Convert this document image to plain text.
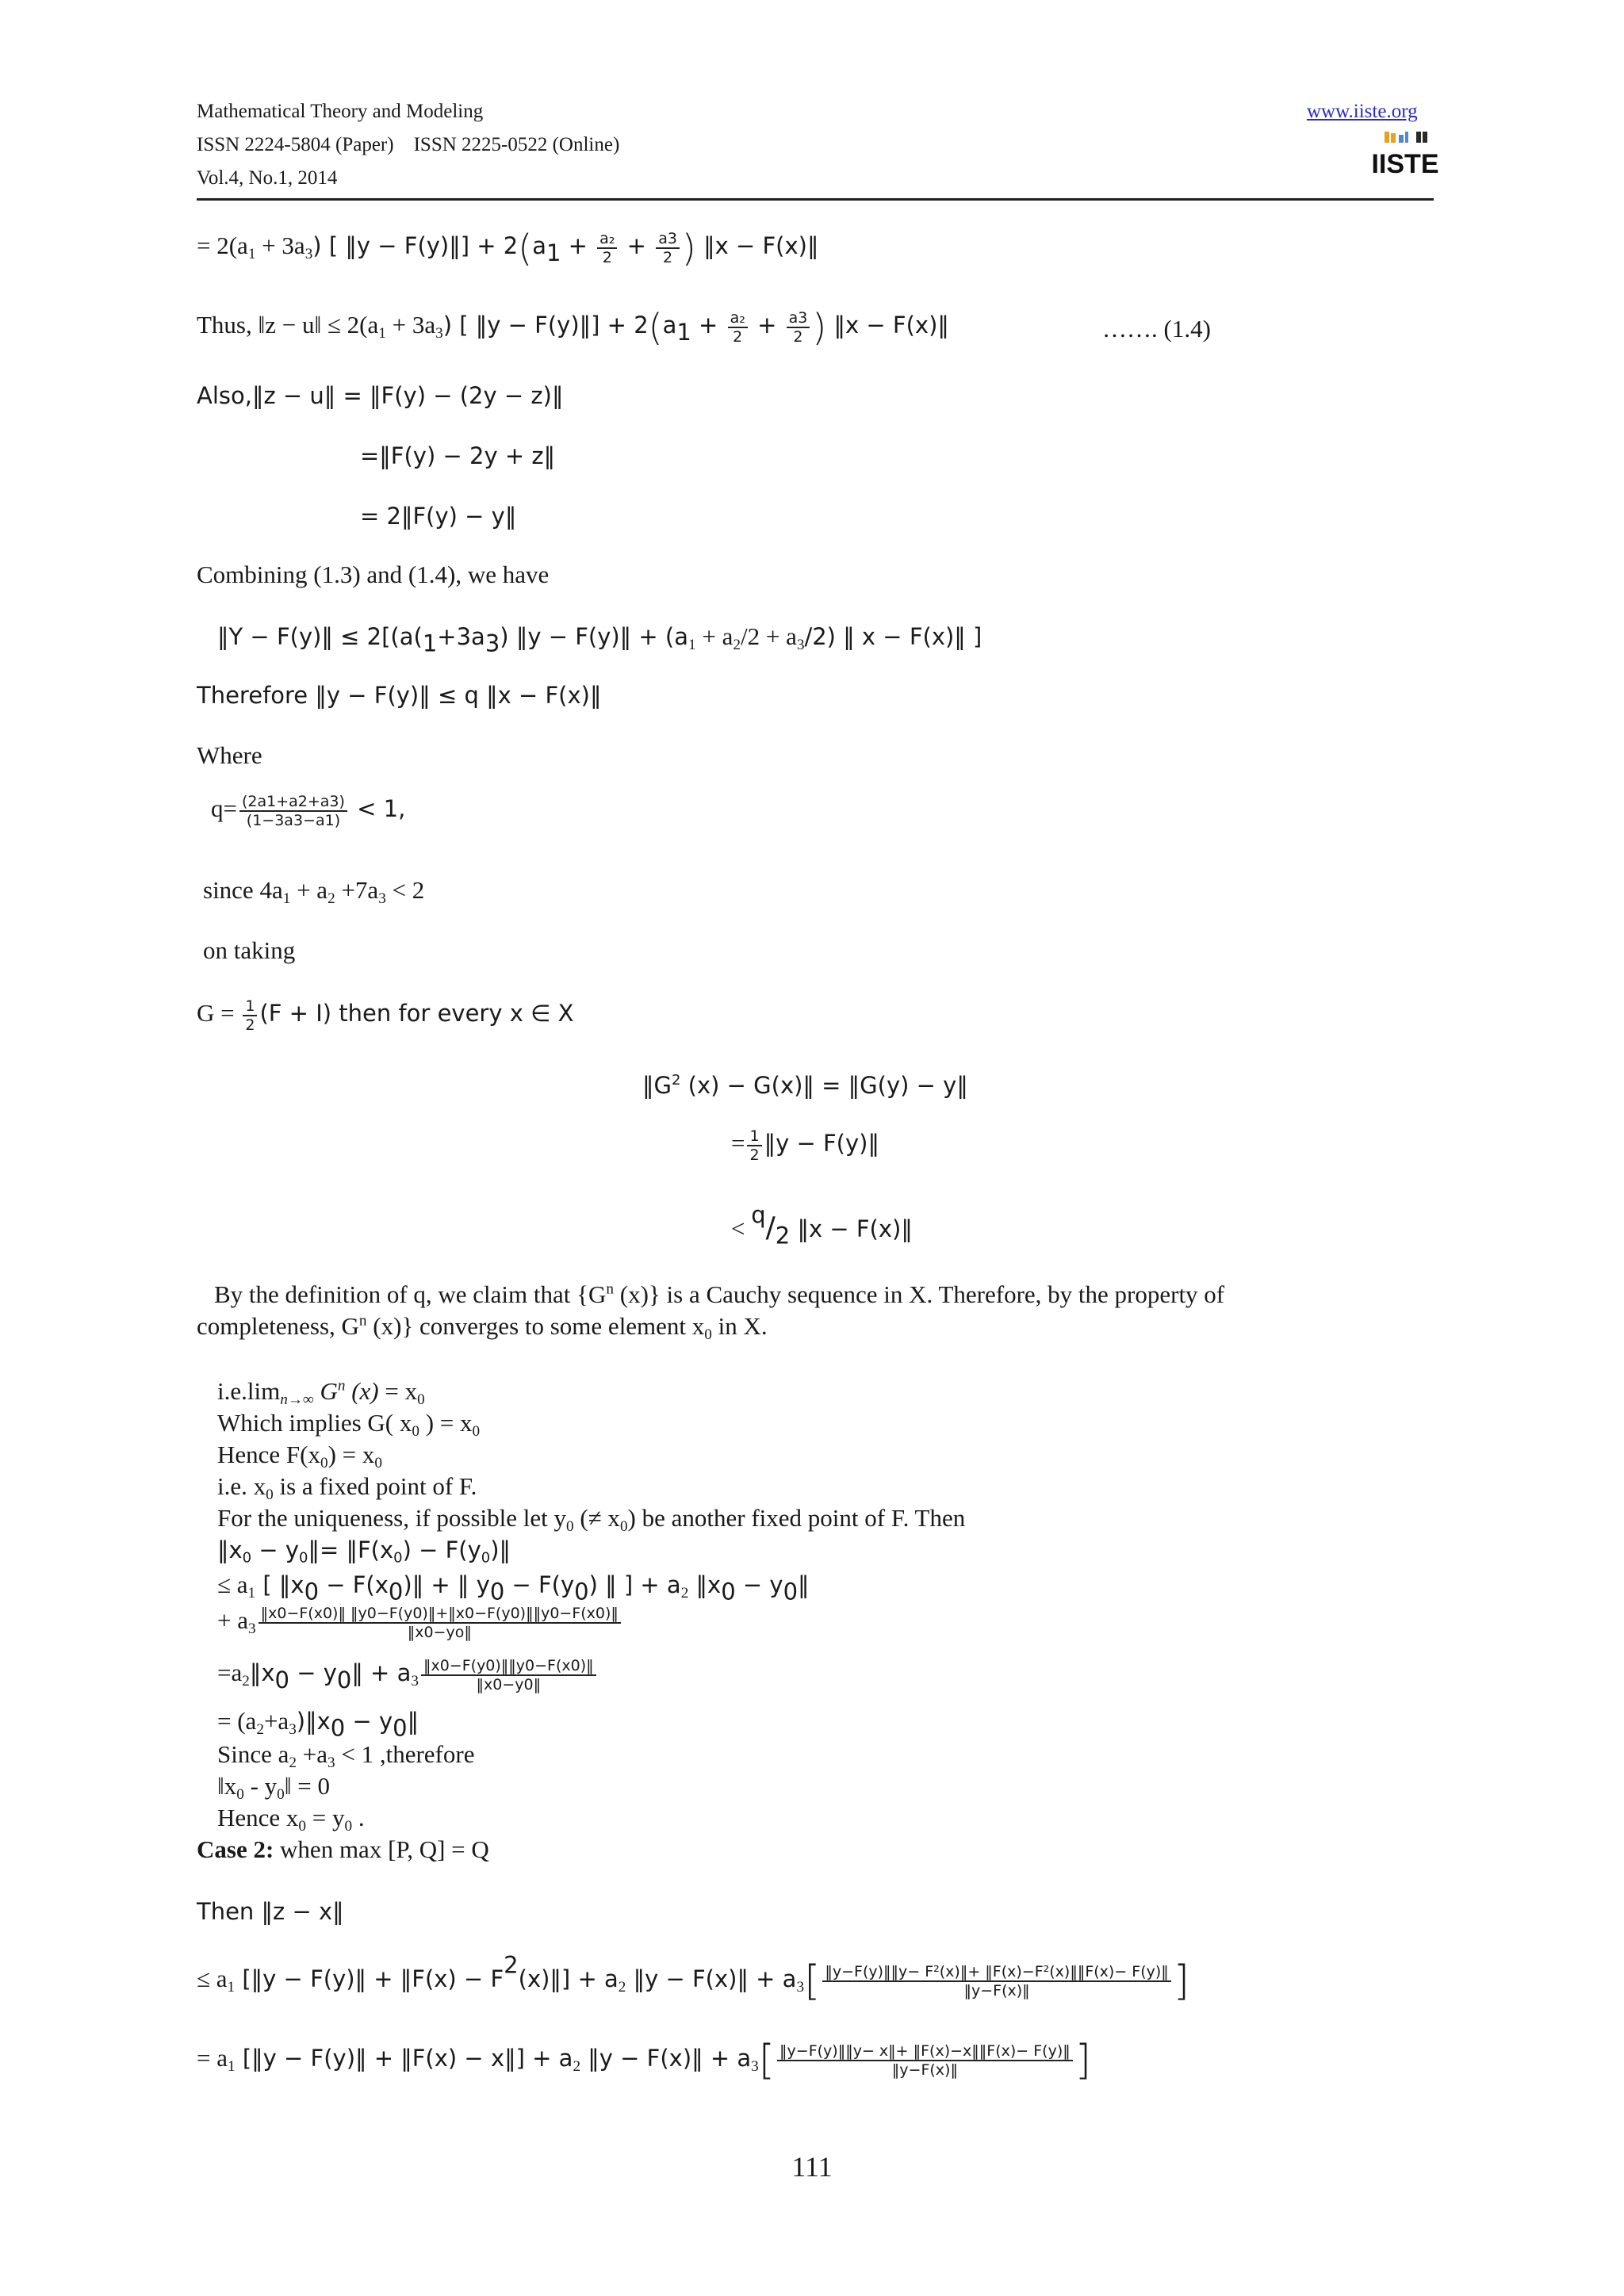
Mathematical Theory and Modeling
ISSN 2224-5804 (Paper)    ISSN 2225-0522 (Online)
Vol.4, No.1, 2014
www.iiste.org
IISTE
= $2(a_1 + 3a_3)$ [ ‖y − F(y)‖] + $2(a_1 + \frac{\text{a₂}}{2} + \frac{a3}{2}$ ) ‖x − F(x)‖
Thus, ‖z − u‖ ≤ $2(a_1 + 3a_3)$ [ ‖y − F(y)‖] + $2(a_1 + \frac{\text{a₂}}{2} + \frac{a3}{2}$ ) ‖x − F(x)‖	……. (1.4)
Also,‖z − u‖ = ‖F(y) − (2y − z)‖
=‖F(y) − 2y + z‖
= 2‖F(y) − y‖
Combining (1.3) and (1.4), we have
‖Y − F(y)‖ ≤ $2[(a(_1+3a_3)$ ‖y − F(y)‖ + $(a_1 + a_2/2 + a_3/2)$ ‖ x − F(x)‖ ]
Therefore ‖y − F(y)‖ ≤ q ‖x − F(x)‖
Where
$q= \frac{(2a1+a2+a3)}{(1-3a3-a1)} < 1$,
since $4a_1 + a_2 +7a_3 < 2$
on taking
$G = \frac{1}{2} (F + I)$ then for every x ∈ X
$‖G^2$ (x) − G(x)‖ = ‖G(y) − y‖
= $\frac{1}{2}$ ‖y − F(y)‖
< $^q/_2$ ‖x − F(x)‖
By the definition of q, we claim that {$G^n$ (x)} is a Cauchy sequence in X. Therefore, by the property of
completeness, $G^n$ (x)} converges to some element $x_0$ in X.
$i.e.\lim_{n\to\infty}$ $G^n$ $(x) = x_0$
Which implies G( $x_0$ ) = $x_0$
Hence $F(x_0) = x_0$
i.e. $x_0$ is a fixed point of F.
For the uniqueness, if possible let $y_0$ (≠ $x_0$) be another fixed point of F. Then
$‖x_0$ − $y_0‖=$ $‖F(x_0)$ − $F(y_0)‖$
≤ $a_1$ [ $‖x_0$ − $F(x_0)‖$ + ‖ $y_0 - F(y_0)$ ‖ ] + $a_2$ $‖x_0$ − $y_0‖$
+ $a_3 \frac{‖x0-F(x0)‖ ‖y0-F(y0)‖+‖x0-F(y0)‖‖y0-F(x0)‖}{‖x0-yo‖}$
$=a_2‖x_0$ − $y_0‖ + a_3 \frac{‖x0-F(y0)‖‖y0-F(x0)‖}{‖x0-y0‖}$
= $(a_2+a_3)‖x_0$ − $y_0‖$
Since $a_2 +a_3 < 1$ ,therefore
$‖x_0$ - $y_0‖ = 0$
Hence $x_0 = y_0$ .
Case 2: when max [P, Q] = Q
Then ‖z − x‖
≤ $a_1$ [‖y − F(y)‖ + ‖F(x) − $F^2(x)‖] + a_2$ ‖y − F(x)‖ + $a_3[ \frac{\text{‖y−F(y)‖‖y− F²(x)‖+ ‖F(x)−F²(x)‖‖F(x)− F(y)‖}}{‖y-F(x)‖}$ ]
= $a_1$ [‖y − F(y)‖ + ‖F(x) − x‖] + $a_2$ ‖y − F(x)‖ + $a_3[ \frac{‖y-F(y)‖‖y- x‖+ ‖F(x)-x‖‖F(x)- F(y)‖}{‖y-F(x)‖}$ ]
111
